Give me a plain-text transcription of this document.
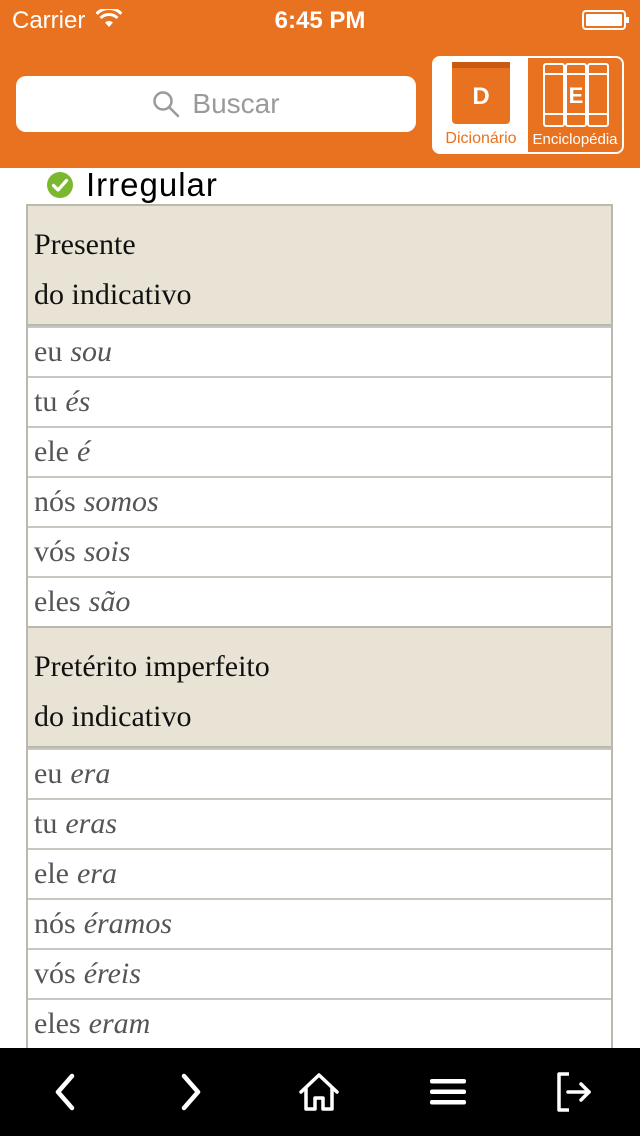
Carrier	6:45 PM
Buscar	D
Dicionário
E
Enciclopédia
Irregular
Presente
do indicativo
eu sou
tu és
ele é
nós somos
vós sois
eles são
Pretérito imperfeito
do indicativo
eu era
tu eras
ele era
nós éramos
vós éreis
eles eram
